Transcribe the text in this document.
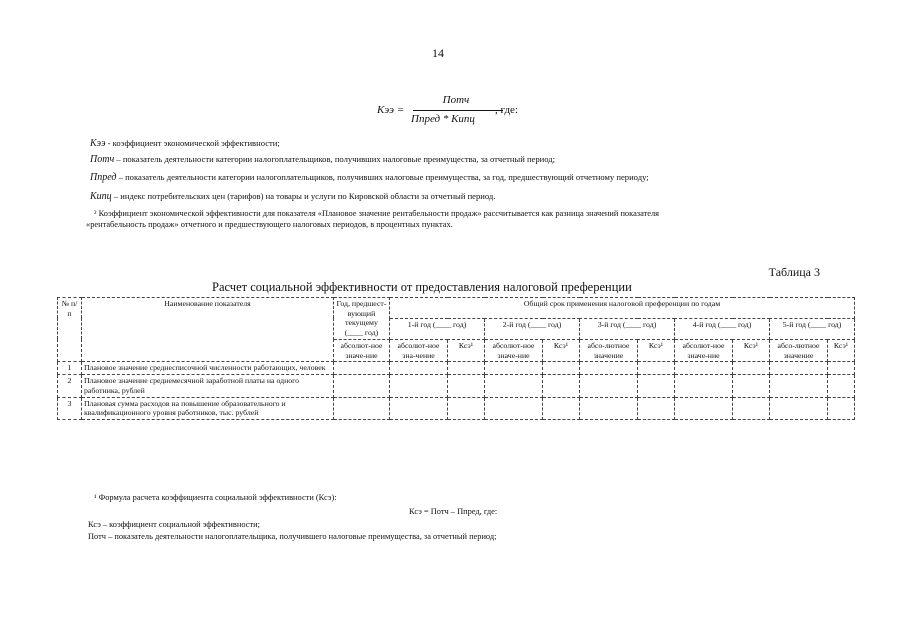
14
Kээ =
Потч
Ппред * Кипц
, где:
Kээ - коэффициент экономической эффективности;
Потч – показатель деятельности категории налогоплательщиков, получивших налоговые преимущества, за отчетный период;
Ппред – показатель деятельности категории налогоплательщиков, получивших налоговые преимущества, за год, предшествующий отчетному периоду;
Кипц – индекс потребительских цен (тарифов) на товары и услуги по Кировской области за отчетный период.
² Коэффициент экономической эффективности для показателя «Плановое значение рентабельности продаж» рассчитывается как разница значений показателя
«рентабельность продаж» отчетного и предшествующего налоговых периодов, в процентных пунктах.
Таблица 3
Расчет социальной эффективности от предоставления налоговой преференции
№ п/п	Наименование показателя	Год, предшест-вующий текущему (____ год)	Общий срок применения налоговой преференции по годам									
			1-й год (____ год)		2-й год (____ год)		3-й год (____ год)		4-й год (____ год)		5-й год (____ год)	
		абсолют-ное значе-ние	абсолют-ное зна-чение	Ксэ¹	абсолют-ное значе-ние	Ксэ¹	абсо-лютное значение	Ксэ¹	абсолют-ное значе-ние	Ксэ¹	абсо-лютное значение	Ксэ¹
1	Плановое значение среднесписочной численности работающих, человек											
2	Плановое значение среднемесячной заработной платы на одного работника, рублей											
3	Плановая сумма расходов на повышение образовательного и квалификационного уровня работников, тыс. рублей											
¹ Формула расчета коэффициента социальной эффективности (Ксэ):
Ксэ = Потч – Ппред, где:
Ксэ – коэффициент социальной эффективности;
Потч – показатель деятельности налогоплательщика, получившего налоговые преимущества, за отчетный период;
